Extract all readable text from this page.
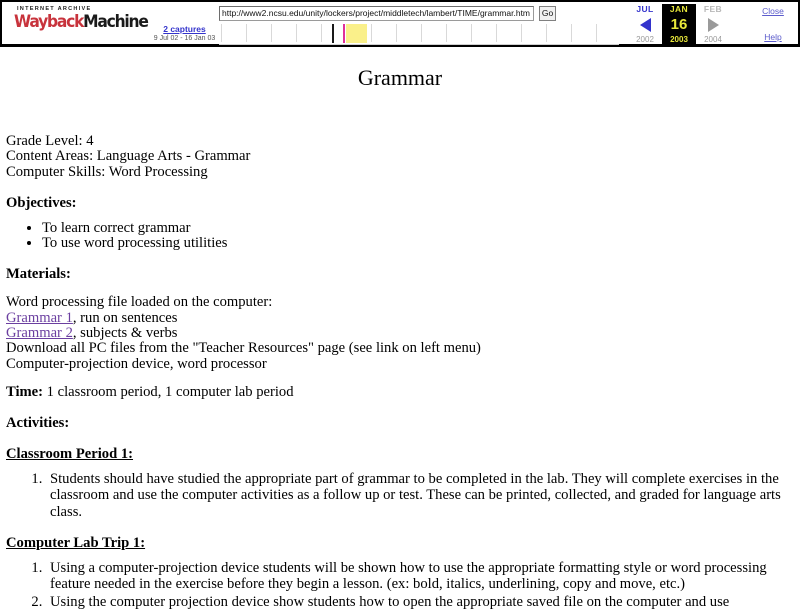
INTERNET ARCHIVE
WaybackMachine	2 captures
9 Jul 02 - 16 Jan 03
http://www2.ncsu.edu/unity/lockers/project/middletech/lambert/TIME/grammar.htm	Go	JUL
2002
JAN
16
2003
FEB
2004
Close
Help
Grammar
Grade Level: 4
Content Areas: Language Arts - Grammar
Computer Skills: Word Processing
Objectives:
• To learn correct grammar
• To use word processing utilities
Materials:
Word processing file loaded on the computer:
Grammar 1, run on sentences
Grammar 2, subjects & verbs
Download all PC files from the "Teacher Resources" page (see link on left menu)
Computer-projection device, word processor
Time: 1 classroom period, 1 computer lab period
Activities:
Classroom Period 1:
1. Students should have studied the appropriate part of grammar to be completed in the lab. They will complete exercises in the classroom and use the computer activities as a follow up or test. These can be printed, collected, and graded for language arts class.
Computer Lab Trip 1:
1. Using a computer-projection device students will be shown how to use the appropriate formatting style or word processing feature needed in the exercise before they begin a lesson. (ex: bold, italics, underlining, copy and move, etc.)
2. Using the computer projection device show students how to open the appropriate saved file on the computer and use
